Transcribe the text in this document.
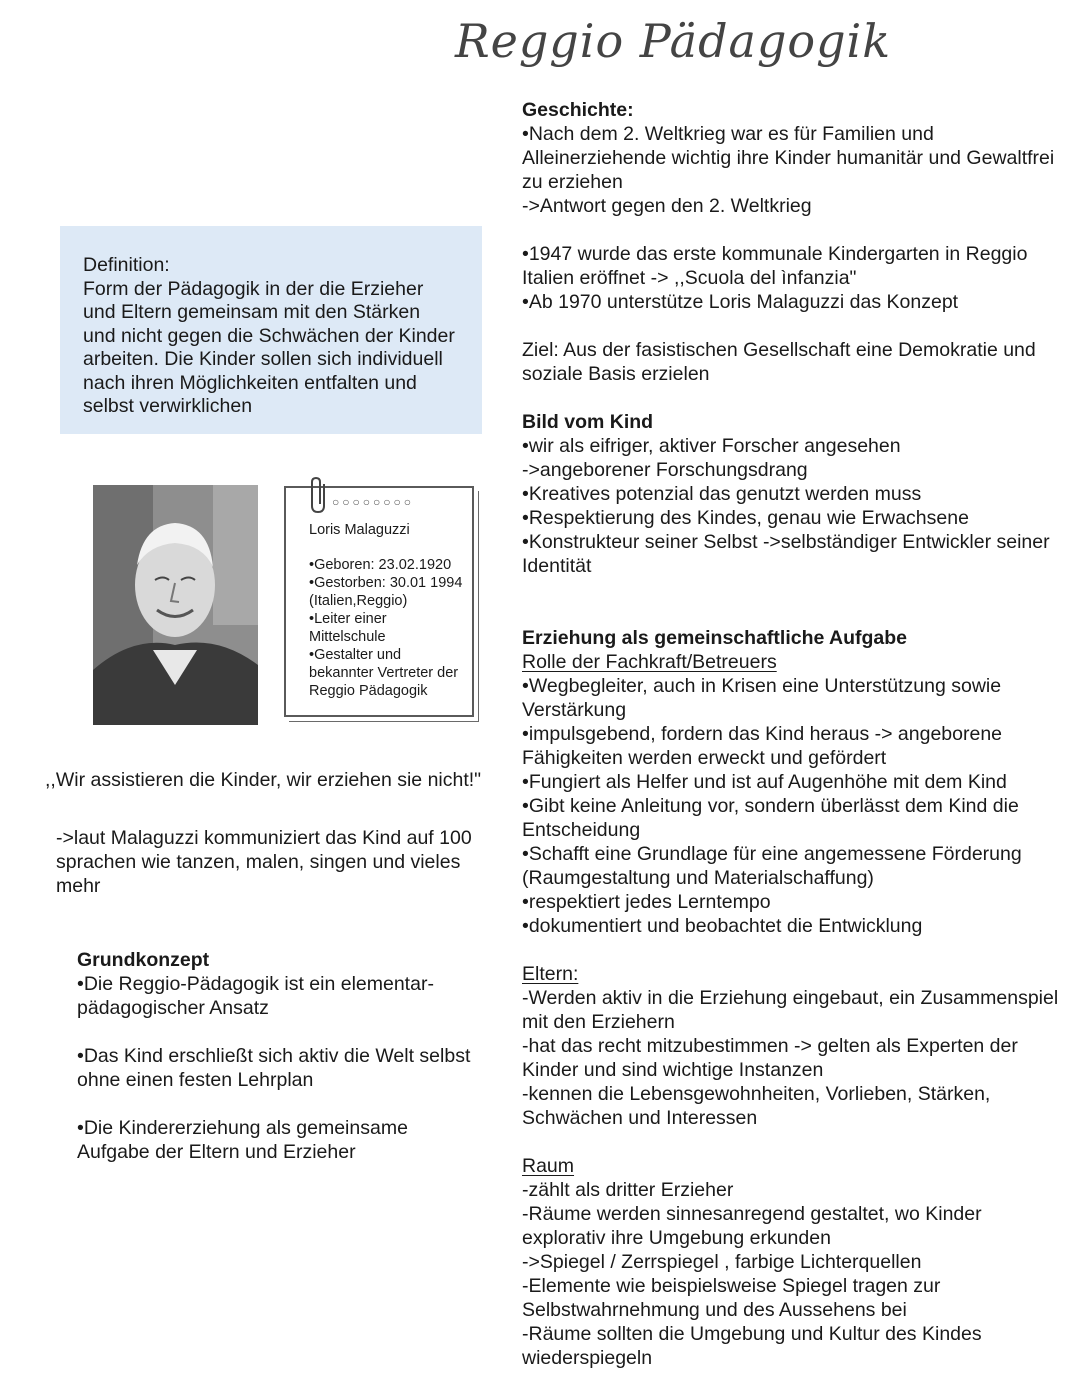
Reggio Pädagogik

Definition:

Form der Pädagogik in der die Erzieher und Eltern gemeinsam mit den Stärken und nicht gegen die Schwächen der Kinder arbeiten. Die Kinder sollen sich individuell nach ihren Möglichkeiten entfalten und selbst verwirklichen

○○○○○○○○
Loris Malaguzzi
•Geboren: 23.02.1920
•Gestorben: 30.01 1994
(Italien,Reggio)
•Leiter einer
Mittelschule
•Gestalter und
bekannter Vertreter der
Reggio Pädagogik
,,Wir assistieren die Kinder, wir erziehen sie nicht!"
->laut Malaguzzi kommuniziert das Kind auf 100 sprachen wie tanzen, malen, singen und vieles mehr
Grundkonzept

•Die Reggio-Pädagogik ist ein elementar-pädagogischer Ansatz

•Das Kind erschließt sich aktiv die Welt selbst ohne einen festen Lehrplan

•Die Kindererziehung als gemeinsame Aufgabe der Eltern und Erzieher

Geschichte:

•Nach dem 2. Weltkrieg war es für Familien und Alleinerziehende wichtig ihre Kinder humanitär und Gewaltfrei zu erziehen

->Antwort gegen den 2. Weltkrieg

•1947 wurde das erste kommunale Kindergarten in Reggio Italien eröffnet -> ,,Scuola del ìnfanzia"

•Ab 1970 unterstütze Loris Malaguzzi das Konzept

Ziel: Aus der fasistischen Gesellschaft eine Demokratie und soziale Basis erzielen

Bild vom Kind

•wir als eifriger, aktiver Forscher angesehen

->angeborener Forschungsdrang

•Kreatives potenzial das genutzt werden muss

•Respektierung des Kindes, genau wie Erwachsene

•Konstrukteur seiner Selbst ->selbständiger Entwickler seiner Identität

Erziehung als gemeinschaftliche Aufgabe

Rolle der Fachkraft/Betreuers

•Wegbegleiter, auch in Krisen eine Unterstützung sowie Verstärkung

•impulsgebend, fordern das Kind heraus -> angeborene Fähigkeiten werden erweckt und gefördert

•Fungiert als Helfer und ist auf Augenhöhe mit dem Kind

•Gibt keine Anleitung vor, sondern überlässt dem Kind die Entscheidung

•Schafft eine Grundlage für eine angemessene Förderung (Raumgestaltung und Materialschaffung)

•respektiert jedes Lerntempo

•dokumentiert und beobachtet die Entwicklung

Eltern:

-Werden aktiv in die Erziehung eingebaut, ein Zusammenspiel mit den Erziehern

-hat das recht mitzubestimmen -> gelten als Experten der Kinder und sind wichtige Instanzen

-kennen die Lebensgewohnheiten, Vorlieben, Stärken, Schwächen und Interessen

Raum

-zählt als dritter Erzieher

-Räume werden sinnesanregend gestaltet, wo Kinder explorativ ihre Umgebung erkunden

->Spiegel / Zerrspiegel , farbige Lichterquellen

-Elemente wie beispielsweise Spiegel tragen zur Selbstwahrnehmung und des Aussehens bei

-Räume sollten die Umgebung und Kultur des Kindes wiederspiegeln
